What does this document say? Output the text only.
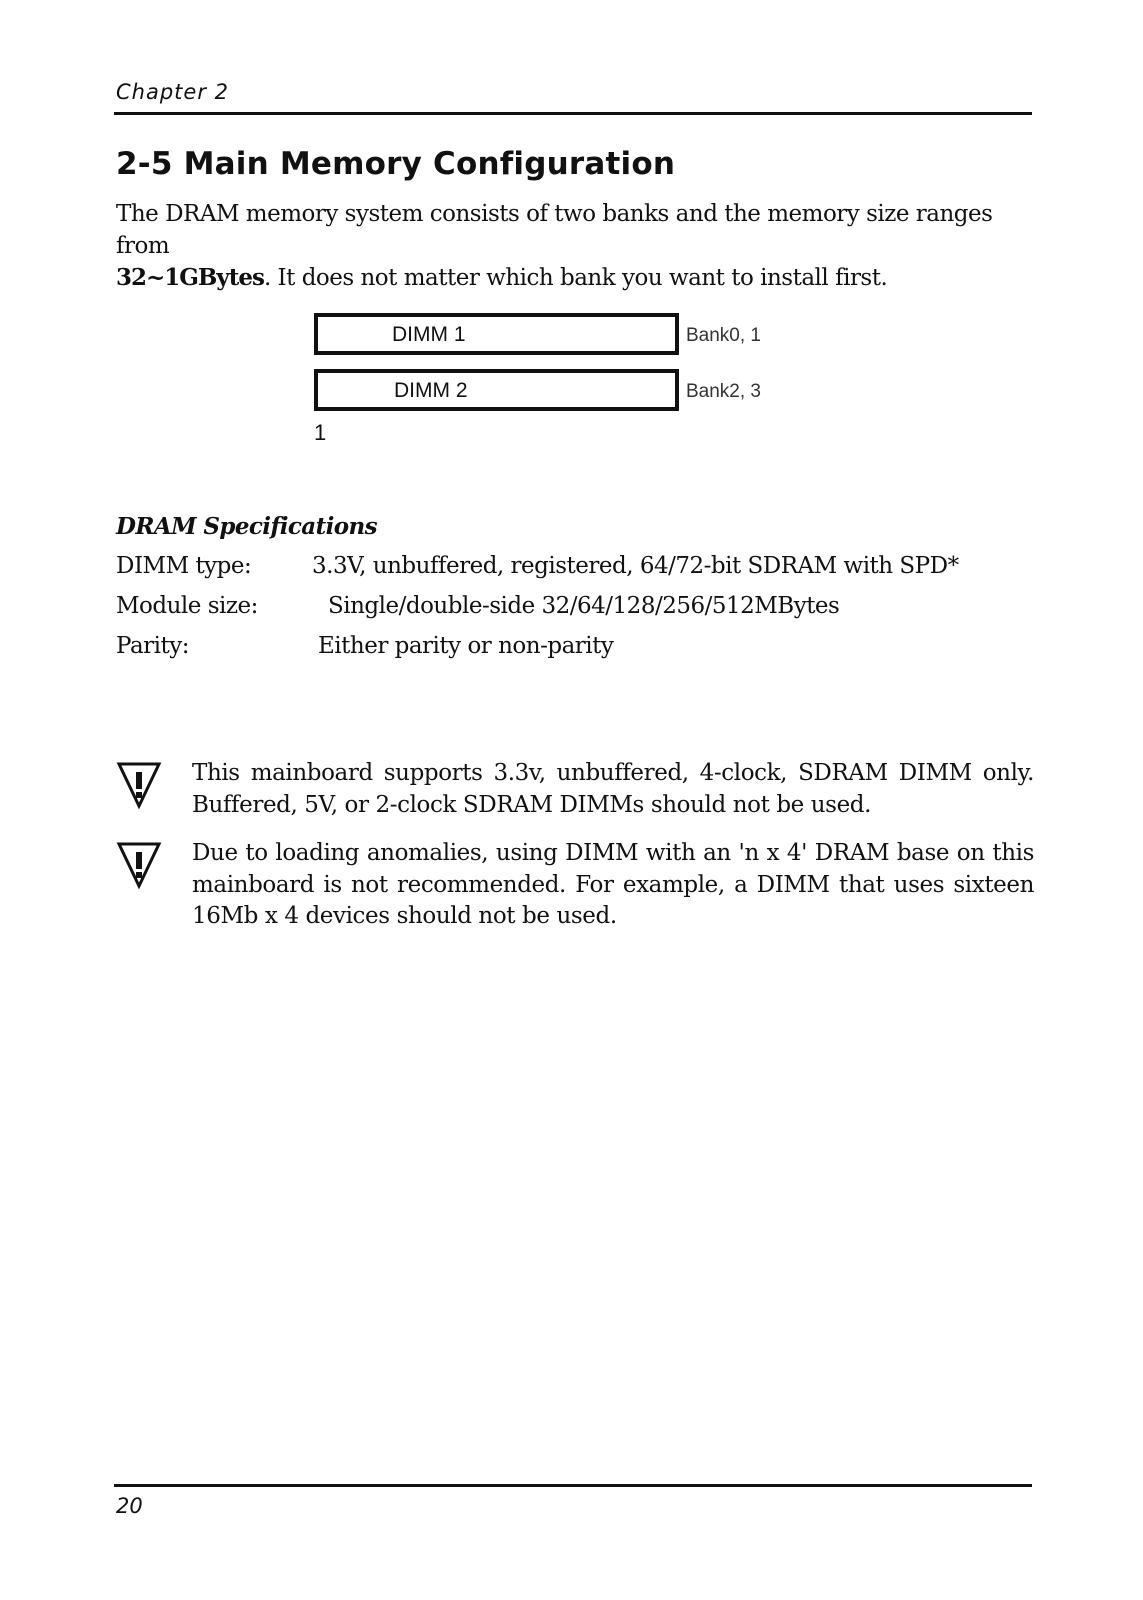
Chapter 2
2-5 Main Memory Configuration

The DRAM memory system consists of two banks and the memory size ranges from
32~1GBytes. It does not matter which bank you want to install first.

DIMM 1	Bank0, 1
DIMM 2	Bank2, 3
1
DRAM Specifications
DIMM type:	3.3V, unbuffered, registered, 64/72-bit SDRAM with SPD*
Module size:	Single/double-side 32/64/128/256/512MBytes
Parity:	Either parity or non-parity

This mainboard supports 3.3v, unbuffered, 4-clock, SDRAM DIMM only. Buffered, 5V, or 2-clock SDRAM DIMMs should not be used.

Due to loading anomalies, using DIMM with an 'n x 4' DRAM base on this mainboard is not recommended. For example, a DIMM that uses sixteen 16Mb x 4 devices should not be used.

20
